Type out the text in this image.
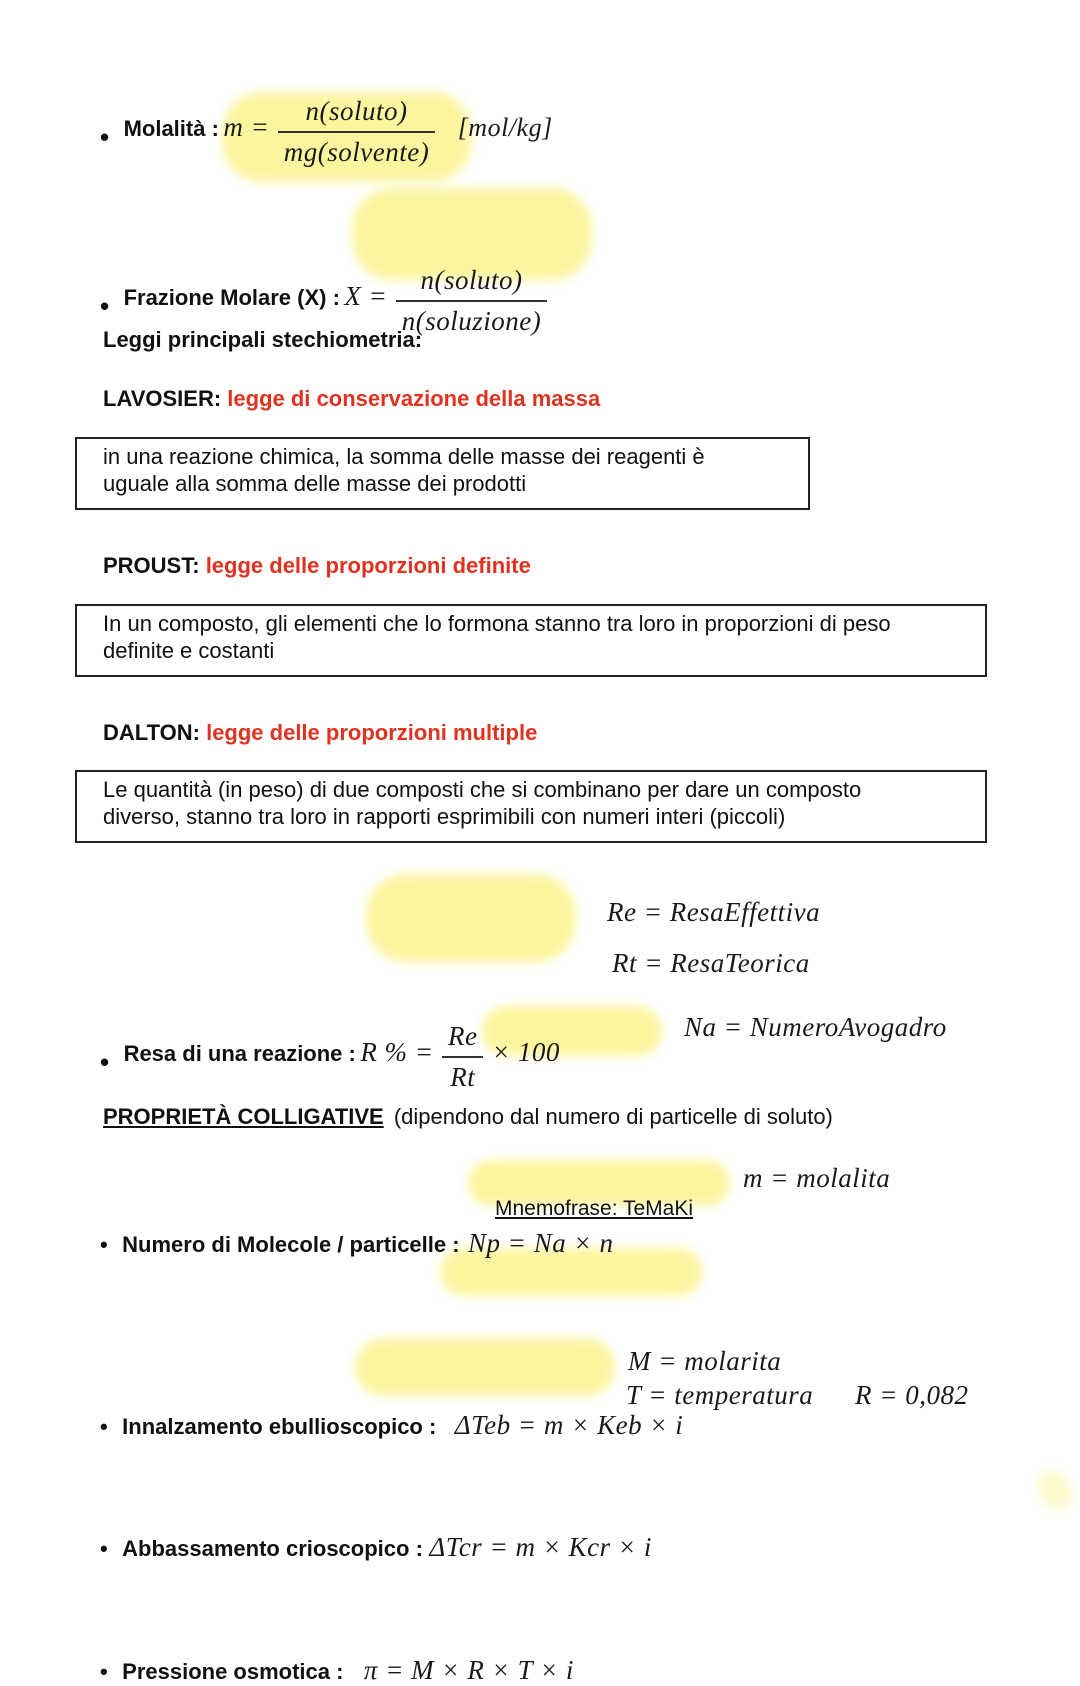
• Molalità : $m = \frac{\text{n(soluto)}}{\text{mg(solvente)}} [mol/kg]$
• Frazione Molare (X) : $X = \frac{\text{n(soluto)}}{\text{n(soluzione)}}$
Leggi principali stechiometria:
LAVOSIER: legge di conservazione della massa
in una reazione chimica, la somma delle masse dei reagenti è
uguale alla somma delle masse dei prodotti
PROUST: legge delle proporzioni definite
In un composto, gli elementi che lo formona stanno tra loro in proporzioni di peso
definite e costanti
DALTON: legge delle proporzioni multiple
Le quantità (in peso) di due composti che si combinano per dare un composto
diverso, stanno tra loro in rapporti esprimibili con numeri interi (piccoli)
• Resa di una reazione : R % = $\frac{Re}{Rt} \times 100$
Re = ResaEffettiva
Rt = ResaTeorica
• Numero di Molecole / particelle : Np = Na × n
Na = NumeroAvogadro
PROPRIETÀ COLLIGATIVE (dipendono dal numero di particelle di soluto)
• Innalzamento ebullioscopico : ΔTeb = m × Keb × i
m = molalita
Mnemofrase: TeMaKi
• Abbassamento crioscopico : ΔTcr = m × Kcr × i
• Pressione osmotica : π = M × R × T × i
M = molarita
T = temperatura R = 0,082
